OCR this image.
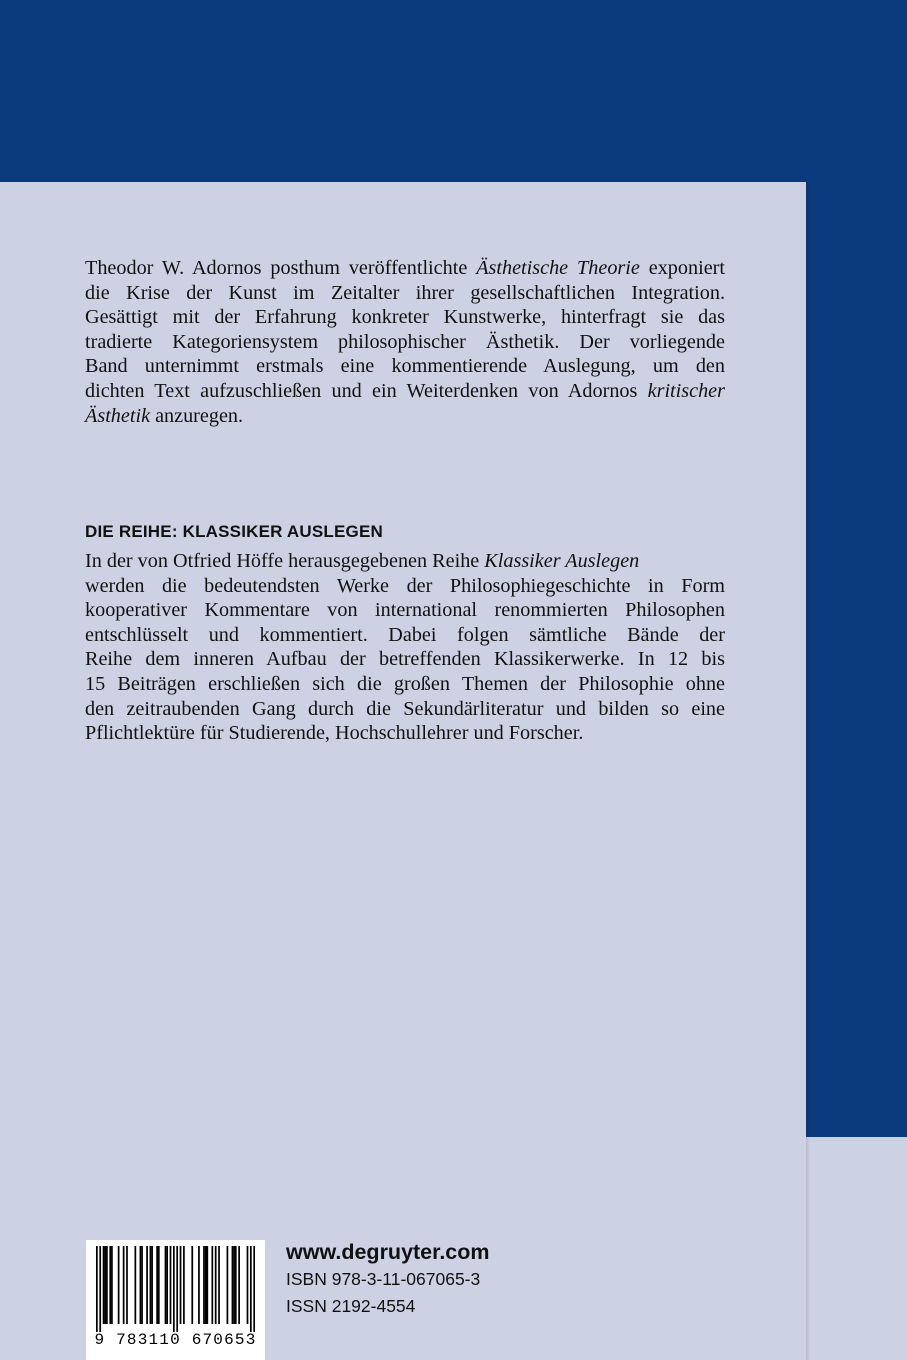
Theodor W. Adornos posthum veröffentlichte Ästhetische Theorie exponiert

die Krise der Kunst im Zeitalter ihrer gesellschaftlichen Integration.

Gesättigt mit der Erfahrung konkreter Kunstwerke, hinterfragt sie das

tradierte Kategoriensystem philosophischer Ästhetik. Der vorliegende

Band unternimmt erstmals eine kommentierende Auslegung, um den

dichten Text aufzuschließen und ein Weiterdenken von Adornos kritischer

Ästhetik anzuregen.

DIE REIHE: KLASSIKER AUSLEGEN

In der von Otfried Höffe herausgegebenen Reihe Klassiker Auslegen

werden die bedeutendsten Werke der Philosophiegeschichte in Form

kooperativer Kommentare von international renommierten Philosophen

entschlüsselt und kommentiert. Dabei folgen sämtliche Bände der

Reihe dem inneren Aufbau der betreffenden Klassikerwerke. In 12 bis

15 Beiträgen erschließen sich die großen Themen der Philosophie ohne

den zeitraubenden Gang durch die Sekundärliteratur und bilden so eine

Pflichtlektüre für Studierende, Hochschullehrer und Forscher.

9 783110 670653
www.degruyter.com
ISBN 978-3-11-067065-3
ISSN 2192-4554
